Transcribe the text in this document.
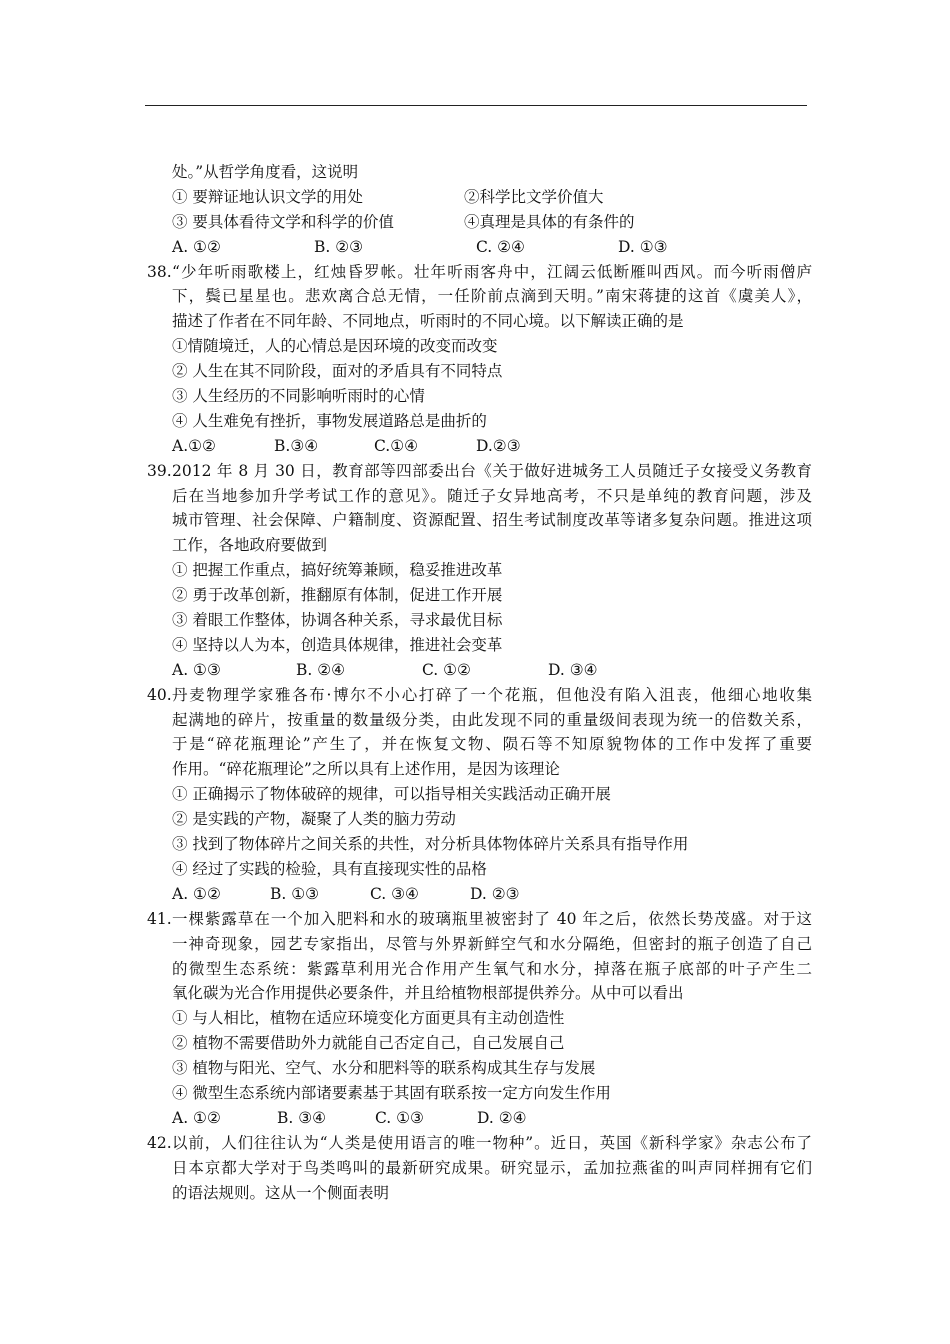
处。”从哲学角度看，这说明
① 要辩证地认识文学的用处	②科学比文学价值大
③ 要具体看待文学和科学的价值	④真理是具体的有条件的
A. ①②	B. ②③	C. ②④	D. ①③
38. “少年听雨歌楼上，红烛昏罗帐。壮年听雨客舟中，江阔云低断雁叫西风。而今听雨僧庐
下，鬓已星星也。悲欢离合总无情，一任阶前点滴到天明。”南宋蒋捷的这首《虞美人》，
描述了作者在不同年龄、不同地点，听雨时的不同心境。以下解读正确的是
①情随境迁，人的心情总是因环境的改变而改变
② 人生在其不同阶段，面对的矛盾具有不同特点
③ 人生经历的不同影响听雨时的心情
④ 人生难免有挫折，事物发展道路总是曲折的
A.①②	B.③④	C.①④	D.②③
39. 2012 年 8 月 30 日，教育部等四部委出台《关于做好进城务工人员随迁子女接受义务教育
后在当地参加升学考试工作的意见》。随迁子女异地高考，不只是单纯的教育问题，涉及
城市管理、社会保障、户籍制度、资源配置、招生考试制度改革等诸多复杂问题。推进这项
工作，各地政府要做到
① 把握工作重点，搞好统筹兼顾，稳妥推进改革
② 勇于改革创新，推翻原有体制，促进工作开展
③ 着眼工作整体，协调各种关系，寻求最优目标
④ 坚持以人为本，创造具体规律，推进社会变革
A. ①③	B. ②④	C. ①②	D. ③④
40. 丹麦物理学家雅各布·博尔不小心打碎了一个花瓶，但他没有陷入沮丧，他细心地收集
起满地的碎片，按重量的数量级分类，由此发现不同的重量级间表现为统一的倍数关系，
于是“碎花瓶理论”产生了，并在恢复文物、陨石等不知原貌物体的工作中发挥了重要
作用。“碎花瓶理论”之所以具有上述作用，是因为该理论
① 正确揭示了物体破碎的规律，可以指导相关实践活动正确开展
② 是实践的产物，凝聚了人类的脑力劳动
③ 找到了物体碎片之间关系的共性，对分析具体物体碎片关系具有指导作用
④ 经过了实践的检验，具有直接现实性的品格
A. ①②	B. ①③	C. ③④	D. ②③
41. 一棵紫露草在一个加入肥料和水的玻璃瓶里被密封了 40 年之后，依然长势茂盛。对于这
一神奇现象，园艺专家指出，尽管与外界新鲜空气和水分隔绝，但密封的瓶子创造了自己
的微型生态系统：紫露草利用光合作用产生氧气和水分，掉落在瓶子底部的叶子产生二
氧化碳为光合作用提供必要条件，并且给植物根部提供养分。从中可以看出
① 与人相比，植物在适应环境变化方面更具有主动创造性
② 植物不需要借助外力就能自己否定自己，自己发展自己
③ 植物与阳光、空气、水分和肥料等的联系构成其生存与发展
④ 微型生态系统内部诸要素基于其固有联系按一定方向发生作用
A. ①②	B. ③④	C. ①③	D. ②④
42. 以前，人们往往认为“人类是使用语言的唯一物种”。近日，英国《新科学家》杂志公布了
日本京都大学对于鸟类鸣叫的最新研究成果。研究显示，孟加拉燕雀的叫声同样拥有它们
的语法规则。这从一个侧面表明
